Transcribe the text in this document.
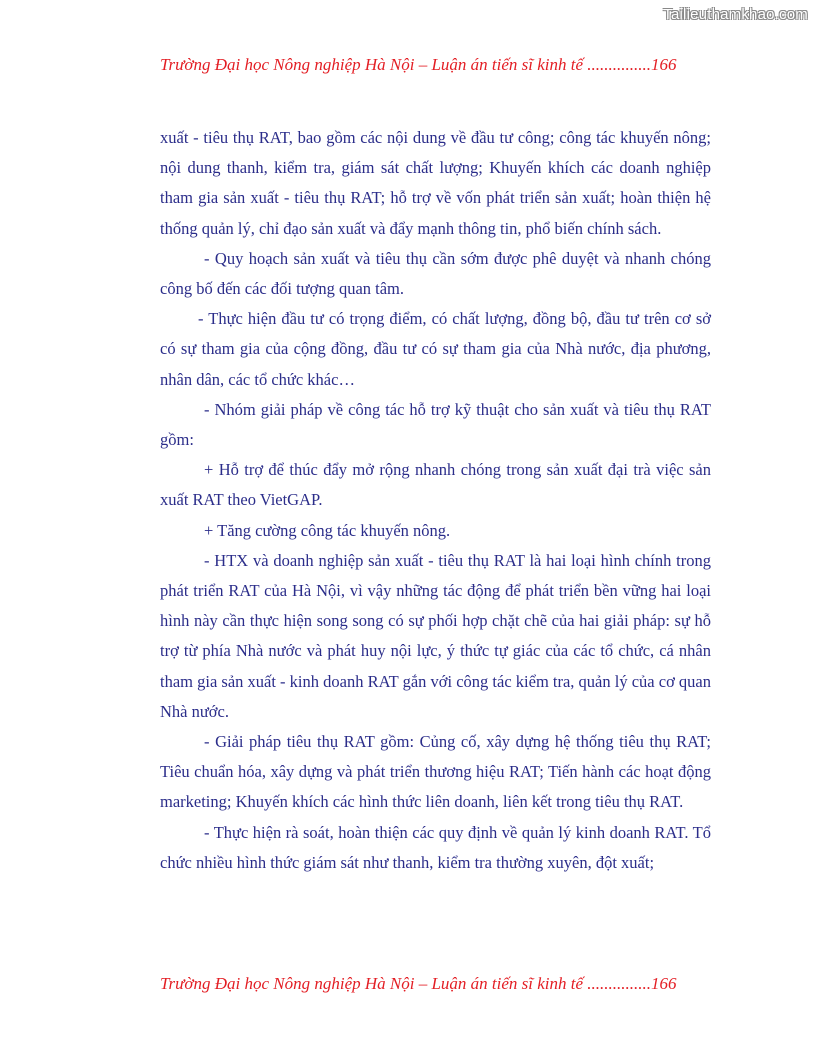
Tailieuthamkhao.com
Trường Đại học Nông nghiệp Hà Nội – Luận án tiến sĩ kinh tế ...............166

xuất - tiêu thụ RAT, bao gồm các nội dung về đầu tư công; công tác khuyến nông; nội dung thanh, kiểm tra, giám sát chất lượng; Khuyến khích các doanh nghiệp tham gia sản xuất - tiêu thụ RAT; hỗ trợ về vốn phát triển sản xuất; hoàn thiện hệ thống quản lý, chỉ đạo sản xuất và đẩy mạnh thông tin, phổ biến chính sách.

- Quy hoạch sản xuất và tiêu thụ cần sớm được phê duyệt và nhanh chóng công bố đến các đối tượng quan tâm.

- Thực hiện đầu tư có trọng điểm, có chất lượng, đồng bộ, đầu tư trên cơ sở có sự tham gia của cộng đồng, đầu tư có sự tham gia của Nhà nước, địa phương, nhân dân, các tổ chức khác…

- Nhóm giải pháp về công tác hỗ trợ kỹ thuật cho sản xuất và tiêu thụ RAT gồm:

+ Hỗ trợ để thúc đẩy mở rộng nhanh chóng trong sản xuất đại trà việc sản xuất RAT theo VietGAP.

+ Tăng cường công tác khuyến nông.

- HTX và doanh nghiệp sản xuất - tiêu thụ RAT là hai loại hình chính trong phát triển RAT của Hà Nội, vì vậy những tác động để phát triển bền vững hai loại hình này cần thực hiện song song có sự phối hợp chặt chẽ của hai giải pháp: sự hỗ trợ từ phía Nhà nước và phát huy nội lực, ý thức tự giác của các tổ chức, cá nhân tham gia sản xuất - kinh doanh RAT gắn với công tác kiểm tra, quản lý của cơ quan Nhà nước.

- Giải pháp tiêu thụ RAT gồm: Củng cố, xây dựng hệ thống tiêu thụ RAT; Tiêu chuẩn hóa, xây dựng và phát triển thương hiệu RAT; Tiến hành các hoạt động marketing; Khuyến khích các hình thức liên doanh, liên kết trong tiêu thụ RAT.

- Thực hiện rà soát, hoàn thiện các quy định về quản lý kinh doanh RAT. Tổ chức nhiều hình thức giám sát như thanh, kiểm tra thường xuyên, đột xuất;

Trường Đại học Nông nghiệp Hà Nội – Luận án tiến sĩ kinh tế ...............166
